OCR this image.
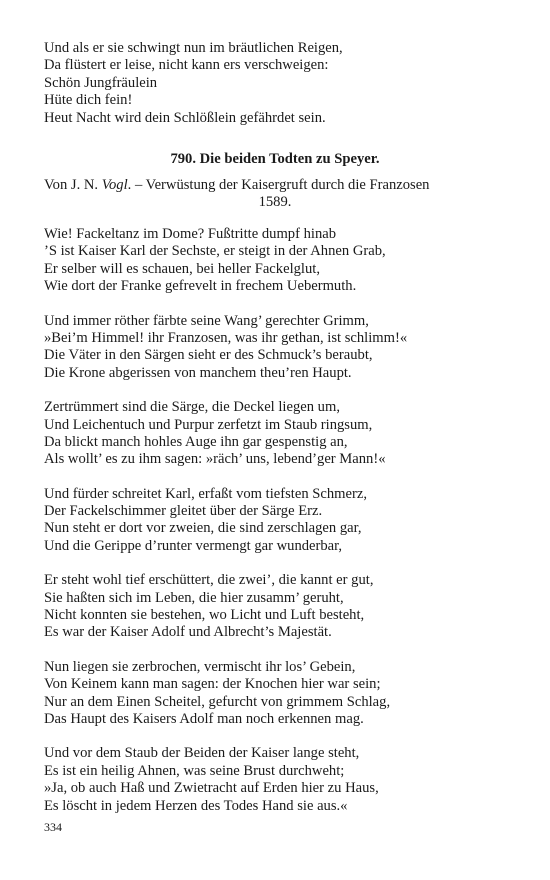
Und als er sie schwingt nun im bräutlichen Reigen,
Da flüstert er leise, nicht kann ers verschweigen:
Schön Jungfräulein
Hüte dich fein!
Heut Nacht wird dein Schlößlein gefährdet sein.
790. Die beiden Todten zu Speyer.
Von J. N. Vogl. – Verwüstung der Kaisergruft durch die Franzosen
1589.
Wie! Fackeltanz im Dome? Fußtritte dumpf hinab
’S ist Kaiser Karl der Sechste, er steigt in der Ahnen Grab,
Er selber will es schauen, bei heller Fackelglut,
Wie dort der Franke gefrevelt in frechem Uebermuth.
Und immer röther färbte seine Wang’ gerechter Grimm,
»Bei’m Himmel! ihr Franzosen, was ihr gethan, ist schlimm!«
Die Väter in den Särgen sieht er des Schmuck’s beraubt,
Die Krone abgerissen von manchem theu’ren Haupt.
Zertrümmert sind die Särge, die Deckel liegen um,
Und Leichentuch und Purpur zerfetzt im Staub ringsum,
Da blickt manch hohles Auge ihn gar gespenstig an,
Als wollt’ es zu ihm sagen: »räch’ uns, lebend’ger Mann!«
Und fürder schreitet Karl, erfaßt vom tiefsten Schmerz,
Der Fackelschimmer gleitet über der Särge Erz.
Nun steht er dort vor zweien, die sind zerschlagen gar,
Und die Gerippe d’runter vermengt gar wunderbar,
Er steht wohl tief erschüttert, die zwei’, die kannt er gut,
Sie haßten sich im Leben, die hier zusamm’ geruht,
Nicht konnten sie bestehen, wo Licht und Luft besteht,
Es war der Kaiser Adolf und Albrecht’s Majestät.
Nun liegen sie zerbrochen, vermischt ihr los’ Gebein,
Von Keinem kann man sagen: der Knochen hier war sein;
Nur an dem Einen Scheitel, gefurcht von grimmem Schlag,
Das Haupt des Kaisers Adolf man noch erkennen mag.
Und vor dem Staub der Beiden der Kaiser lange steht,
Es ist ein heilig Ahnen, was seine Brust durchweht;
»Ja, ob auch Haß und Zwietracht auf Erden hier zu Haus,
Es löscht in jedem Herzen des Todes Hand sie aus.«
334
